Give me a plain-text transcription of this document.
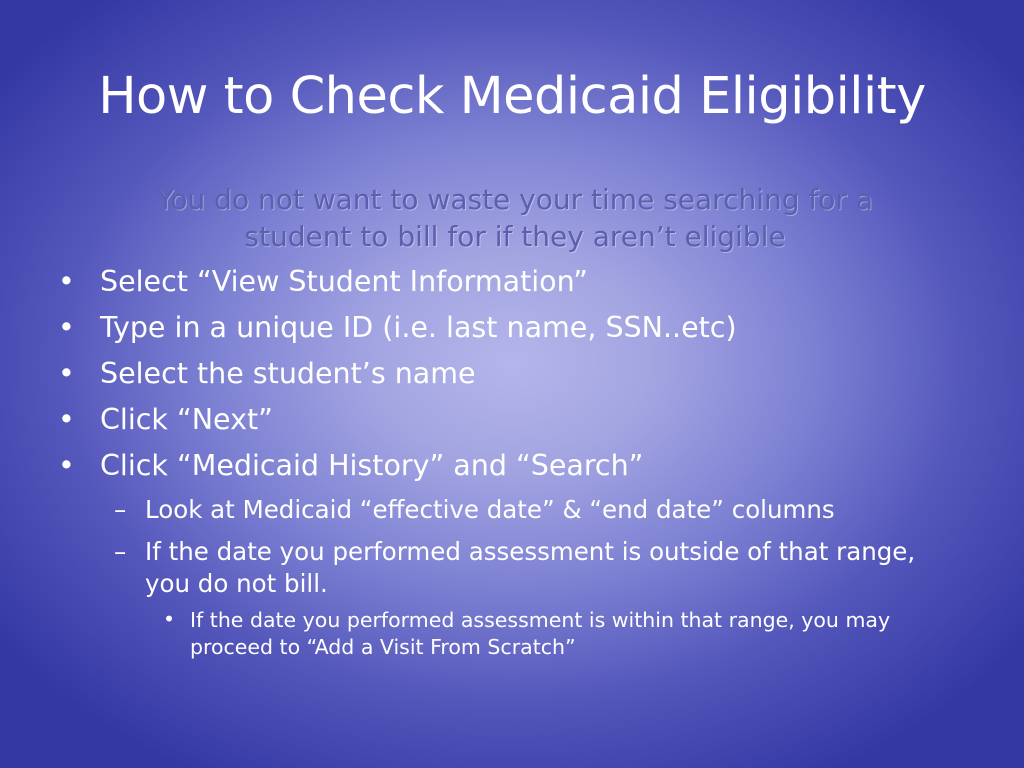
How to Check Medicaid Eligibility
You do not want to waste your time searching for a student to bill for if they aren’t eligible
• Select “View Student Information”
• Type in a unique ID (i.e. last name, SSN..etc)
• Select the student’s name
• Click “Next”
• Click “Medicaid History” and “Search”
– Look at Medicaid “effective date” & “end date” columns
– If the date you performed assessment is outside of that range, you do not bill.
• If the date you performed assessment is within that range, you may proceed to “Add a Visit From Scratch”
